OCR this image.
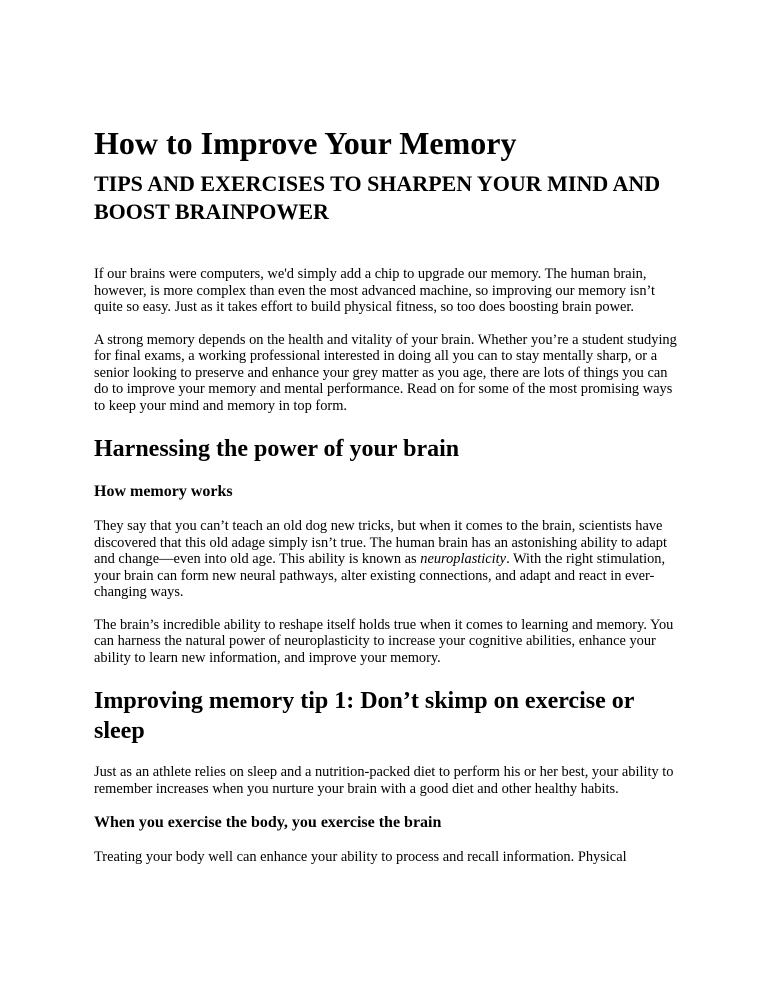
How to Improve Your Memory
TIPS AND EXERCISES TO SHARPEN YOUR MIND AND BOOST BRAINPOWER

If our brains were computers, we'd simply add a chip to upgrade our memory. The human brain, however, is more complex than even the most advanced machine, so improving our memory isn’t quite so easy. Just as it takes effort to build physical fitness, so too does boosting brain power.

A strong memory depends on the health and vitality of your brain. Whether you’re a student studying for final exams, a working professional interested in doing all you can to stay mentally sharp, or a senior looking to preserve and enhance your grey matter as you age, there are lots of things you can do to improve your memory and mental performance. Read on for some of the most promising ways to keep your mind and memory in top form.

Harnessing the power of your brain
How memory works

They say that you can’t teach an old dog new tricks, but when it comes to the brain, scientists have discovered that this old adage simply isn’t true. The human brain has an astonishing ability to adapt and change—even into old age. This ability is known as neuroplasticity. With the right stimulation, your brain can form new neural pathways, alter existing connections, and adapt and react in ever-changing ways.

The brain’s incredible ability to reshape itself holds true when it comes to learning and memory. You can harness the natural power of neuroplasticity to increase your cognitive abilities, enhance your ability to learn new information, and improve your memory.

Improving memory tip 1: Don’t skimp on exercise or sleep

Just as an athlete relies on sleep and a nutrition-packed diet to perform his or her best, your ability to remember increases when you nurture your brain with a good diet and other healthy habits.

When you exercise the body, you exercise the brain

Treating your body well can enhance your ability to process and recall information. Physical
